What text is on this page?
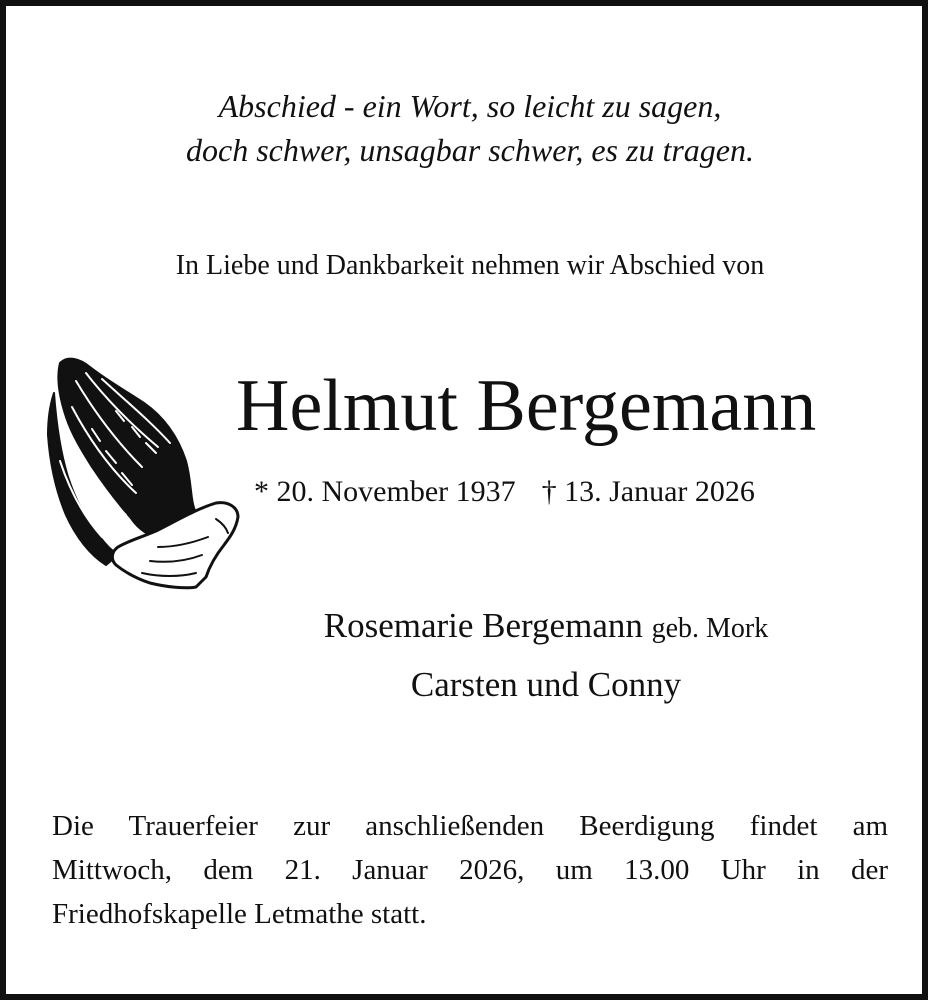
Abschied - ein Wort, so leicht zu sagen,
doch schwer, unsagbar schwer, es zu tragen.
In Liebe und Dankbarkeit nehmen wir Abschied von
Helmut Bergemann
* 20. November 1937 † 13. Januar 2026
Rosemarie Bergemann geb. Mork
Carsten und Conny
Die Trauerfeier zur anschließenden Beerdigung findet am
Mittwoch, dem 21. Januar 2026, um 13.00 Uhr in der
Friedhofskapelle Letmathe statt.
